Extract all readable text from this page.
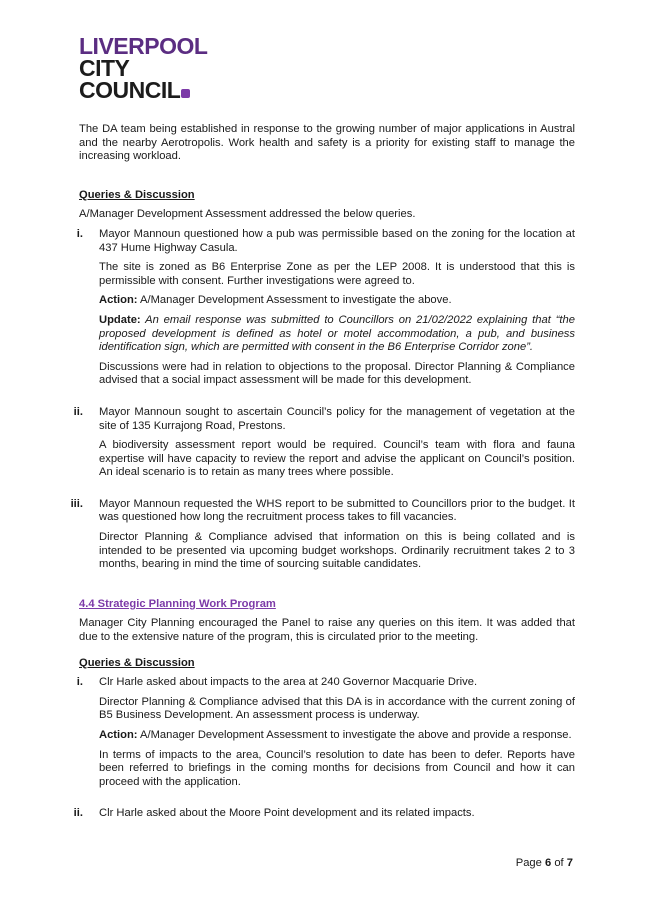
LIVERPOOL
CITY
COUNCIL

The DA team being established in response to the growing number of major applications in Austral and the nearby Aerotropolis. Work health and safety is a priority for existing staff to manage the increasing workload.

Queries & Discussion

A/Manager Development Assessment addressed the below queries.

i. Mayor Mannoun questioned how a pub was permissible based on the zoning for the location at 437 Hume Highway Casula.

The site is zoned as B6 Enterprise Zone as per the LEP 2008. It is understood that this is permissible with consent. Further investigations were agreed to.

Action: A/Manager Development Assessment to investigate the above.

Update: An email response was submitted to Councillors on 21/02/2022 explaining that “the proposed development is defined as hotel or motel accommodation, a pub, and business identification sign, which are permitted with consent in the B6 Enterprise Corridor zone”.

Discussions were had in relation to objections to the proposal. Director Planning & Compliance advised that a social impact assessment will be made for this development.

ii. Mayor Mannoun sought to ascertain Council’s policy for the management of vegetation at the site of 135 Kurrajong Road, Prestons.

A biodiversity assessment report would be required. Council’s team with flora and fauna expertise will have capacity to review the report and advise the applicant on Council’s position. An ideal scenario is to retain as many trees where possible.

iii. Mayor Mannoun requested the WHS report to be submitted to Councillors prior to the budget. It was questioned how long the recruitment process takes to fill vacancies.

Director Planning & Compliance advised that information on this is being collated and is intended to be presented via upcoming budget workshops. Ordinarily recruitment takes 2 to 3 months, bearing in mind the time of sourcing suitable candidates.

4.4 Strategic Planning Work Program

Manager City Planning encouraged the Panel to raise any queries on this item. It was added that due to the extensive nature of the program, this is circulated prior to the meeting.

Queries & Discussion
i. Clr Harle asked about impacts to the area at 240 Governor Macquarie Drive.

Director Planning & Compliance advised that this DA is in accordance with the current zoning of B5 Business Development. An assessment process is underway.

Action: A/Manager Development Assessment to investigate the above and provide a response.

In terms of impacts to the area, Council’s resolution to date has been to defer. Reports have been referred to briefings in the coming months for decisions from Council and how it can proceed with the application.

ii. Clr Harle asked about the Moore Point development and its related impacts.

Page 6 of 7
